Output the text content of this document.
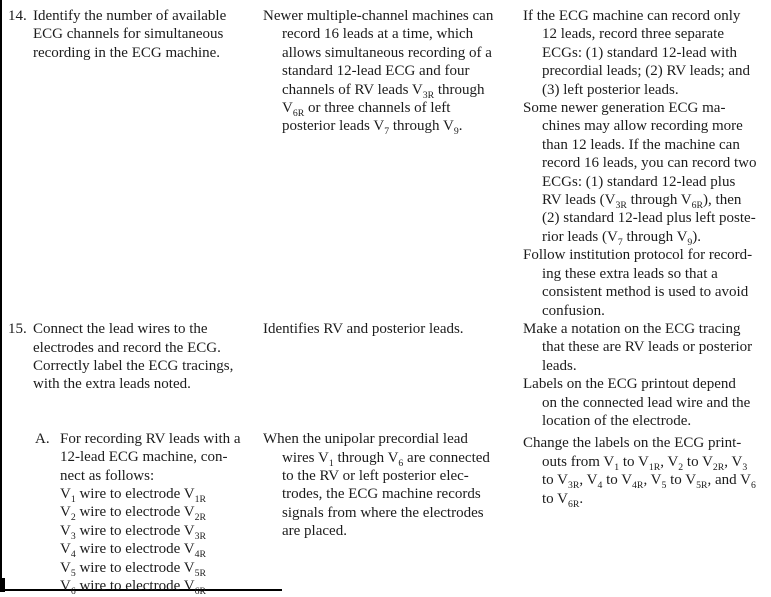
14. Identify the number of available
ECG channels for simultaneous
recording in the ECG machine.
15. Connect the lead wires to the
electrodes and record the ECG.
Correctly label the ECG tracings,
with the extra leads noted.
A. For recording RV leads with a
12-lead ECG machine, con-
nect as follows:
$V_1$ wire to electrode $V_{1R}$
$V_2$ wire to electrode $V_{2R}$
$V_3$ wire to electrode $V_{3R}$
$V_4$ wire to electrode $V_{4R}$
$V_5$ wire to electrode $V_{5R}$
$V_6$ wire to electrode $V_{6R}$
Newer multiple-channel machines can
record 16 leads at a time, which
allows simultaneous recording of a
standard 12-lead ECG and four
channels of RV leads $V_{3R}$ through
$V_{6R}$ or three channels of left
posterior leads $V_7$ through $V_9$.
Identifies RV and posterior leads.
When the unipolar precordial lead
wires $V_1$ through $V_6$ are connected
to the RV or left posterior elec-
trodes, the ECG machine records
signals from where the electrodes
are placed.
If the ECG machine can record only
12 leads, record three separate
ECGs: (1) standard 12-lead with
precordial leads; (2) RV leads; and
(3) left posterior leads.
Some newer generation ECG ma-
chines may allow recording more
than 12 leads. If the machine can
record 16 leads, you can record two
ECGs: (1) standard 12-lead plus
RV leads ($V_{3R}$ through $V_{6R}$), then
(2) standard 12-lead plus left poste-
rior leads ($V_7$ through $V_9$).
Follow institution protocol for record-
ing these extra leads so that a
consistent method is used to avoid
confusion.
Make a notation on the ECG tracing
that these are RV leads or posterior
leads.
Labels on the ECG printout depend
on the connected lead wire and the
location of the electrode.
Change the labels on the ECG print-
outs from $V_1$ to $V_{1R}$, $V_2$ to $V_{2R}$, $V_3$
to $V_{3R}$, $V_4$ to $V_{4R}$, $V_5$ to $V_{5R}$, and $V_6$
to $V_{6R}$.
